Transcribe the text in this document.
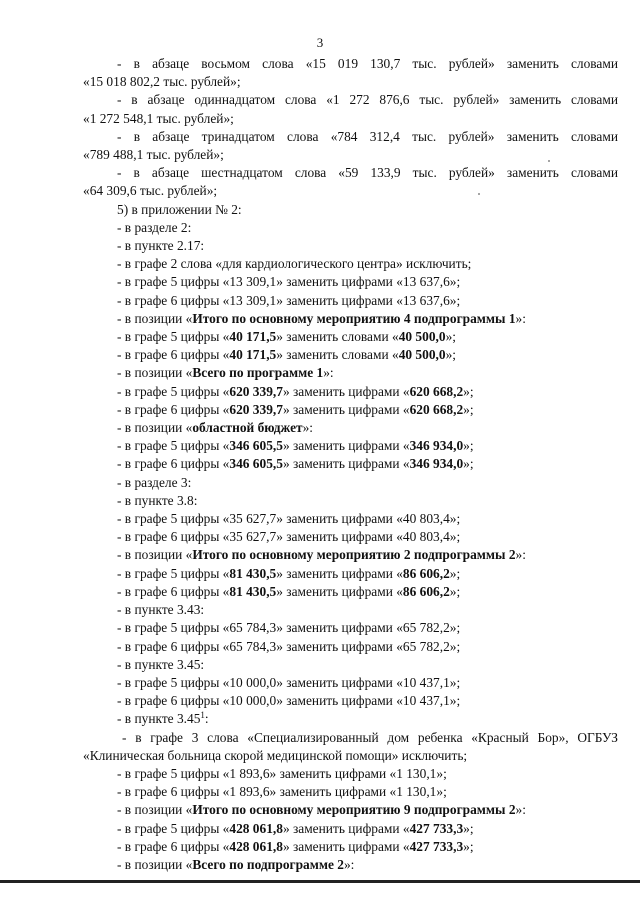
3
- в абзаце восьмом слова «15 019 130,7 тыс. рублей» заменить словами
«15 018 802,2 тыс. рублей»;
- в абзаце одиннадцатом слова «1 272 876,6 тыс. рублей» заменить словами
«1 272 548,1 тыс. рублей»;
- в абзаце тринадцатом слова «784 312,4 тыс. рублей» заменить словами
«789 488,1 тыс. рублей»;
- в абзаце шестнадцатом слова «59 133,9 тыс. рублей» заменить словами
«64 309,6 тыс. рублей»;
5) в приложении № 2:
- в разделе 2:
- в пункте 2.17:
- в графе 2 слова «для кардиологического центра» исключить;
- в графе 5 цифры «13 309,1» заменить цифрами «13 637,6»;
- в графе 6 цифры «13 309,1» заменить цифрами «13 637,6»;
- в позиции «Итого по основному мероприятию 4 подпрограммы 1»:
- в графе 5 цифры «40 171,5» заменить словами «40 500,0»;
- в графе 6 цифры «40 171,5» заменить словами «40 500,0»;
- в позиции «Всего по программе 1»:
- в графе 5 цифры «620 339,7» заменить цифрами «620 668,2»;
- в графе 6 цифры «620 339,7» заменить цифрами «620 668,2»;
- в позиции «областной бюджет»:
- в графе 5 цифры «346 605,5» заменить цифрами «346 934,0»;
- в графе 6 цифры «346 605,5» заменить цифрами «346 934,0»;
- в разделе 3:
- в пункте 3.8:
- в графе 5 цифры «35 627,7» заменить цифрами «40 803,4»;
- в графе 6 цифры «35 627,7» заменить цифрами «40 803,4»;
- в позиции «Итого по основному мероприятию 2 подпрограммы 2»:
- в графе 5 цифры «81 430,5» заменить цифрами «86 606,2»;
- в графе 6 цифры «81 430,5» заменить цифрами «86 606,2»;
- в пункте 3.43:
- в графе 5 цифры «65 784,3» заменить цифрами «65 782,2»;
- в графе 6 цифры «65 784,3» заменить цифрами «65 782,2»;
- в пункте 3.45:
- в графе 5 цифры «10 000,0» заменить цифрами «10 437,1»;
- в графе 6 цифры «10 000,0» заменить цифрами «10 437,1»;
- в пункте 3.45$^1$:
- в графе 3 слова «Специализированный дом ребенка «Красный Бор», ОГБУЗ
«Клиническая больница скорой медицинской помощи» исключить;
- в графе 5 цифры «1 893,6» заменить цифрами «1 130,1»;
- в графе 6 цифры «1 893,6» заменить цифрами «1 130,1»;
- в позиции «Итого по основному мероприятию 9 подпрограммы 2»:
- в графе 5 цифры «428 061,8» заменить цифрами «427 733,3»;
- в графе 6 цифры «428 061,8» заменить цифрами «427 733,3»;
- в позиции «Всего по подпрограмме 2»:
